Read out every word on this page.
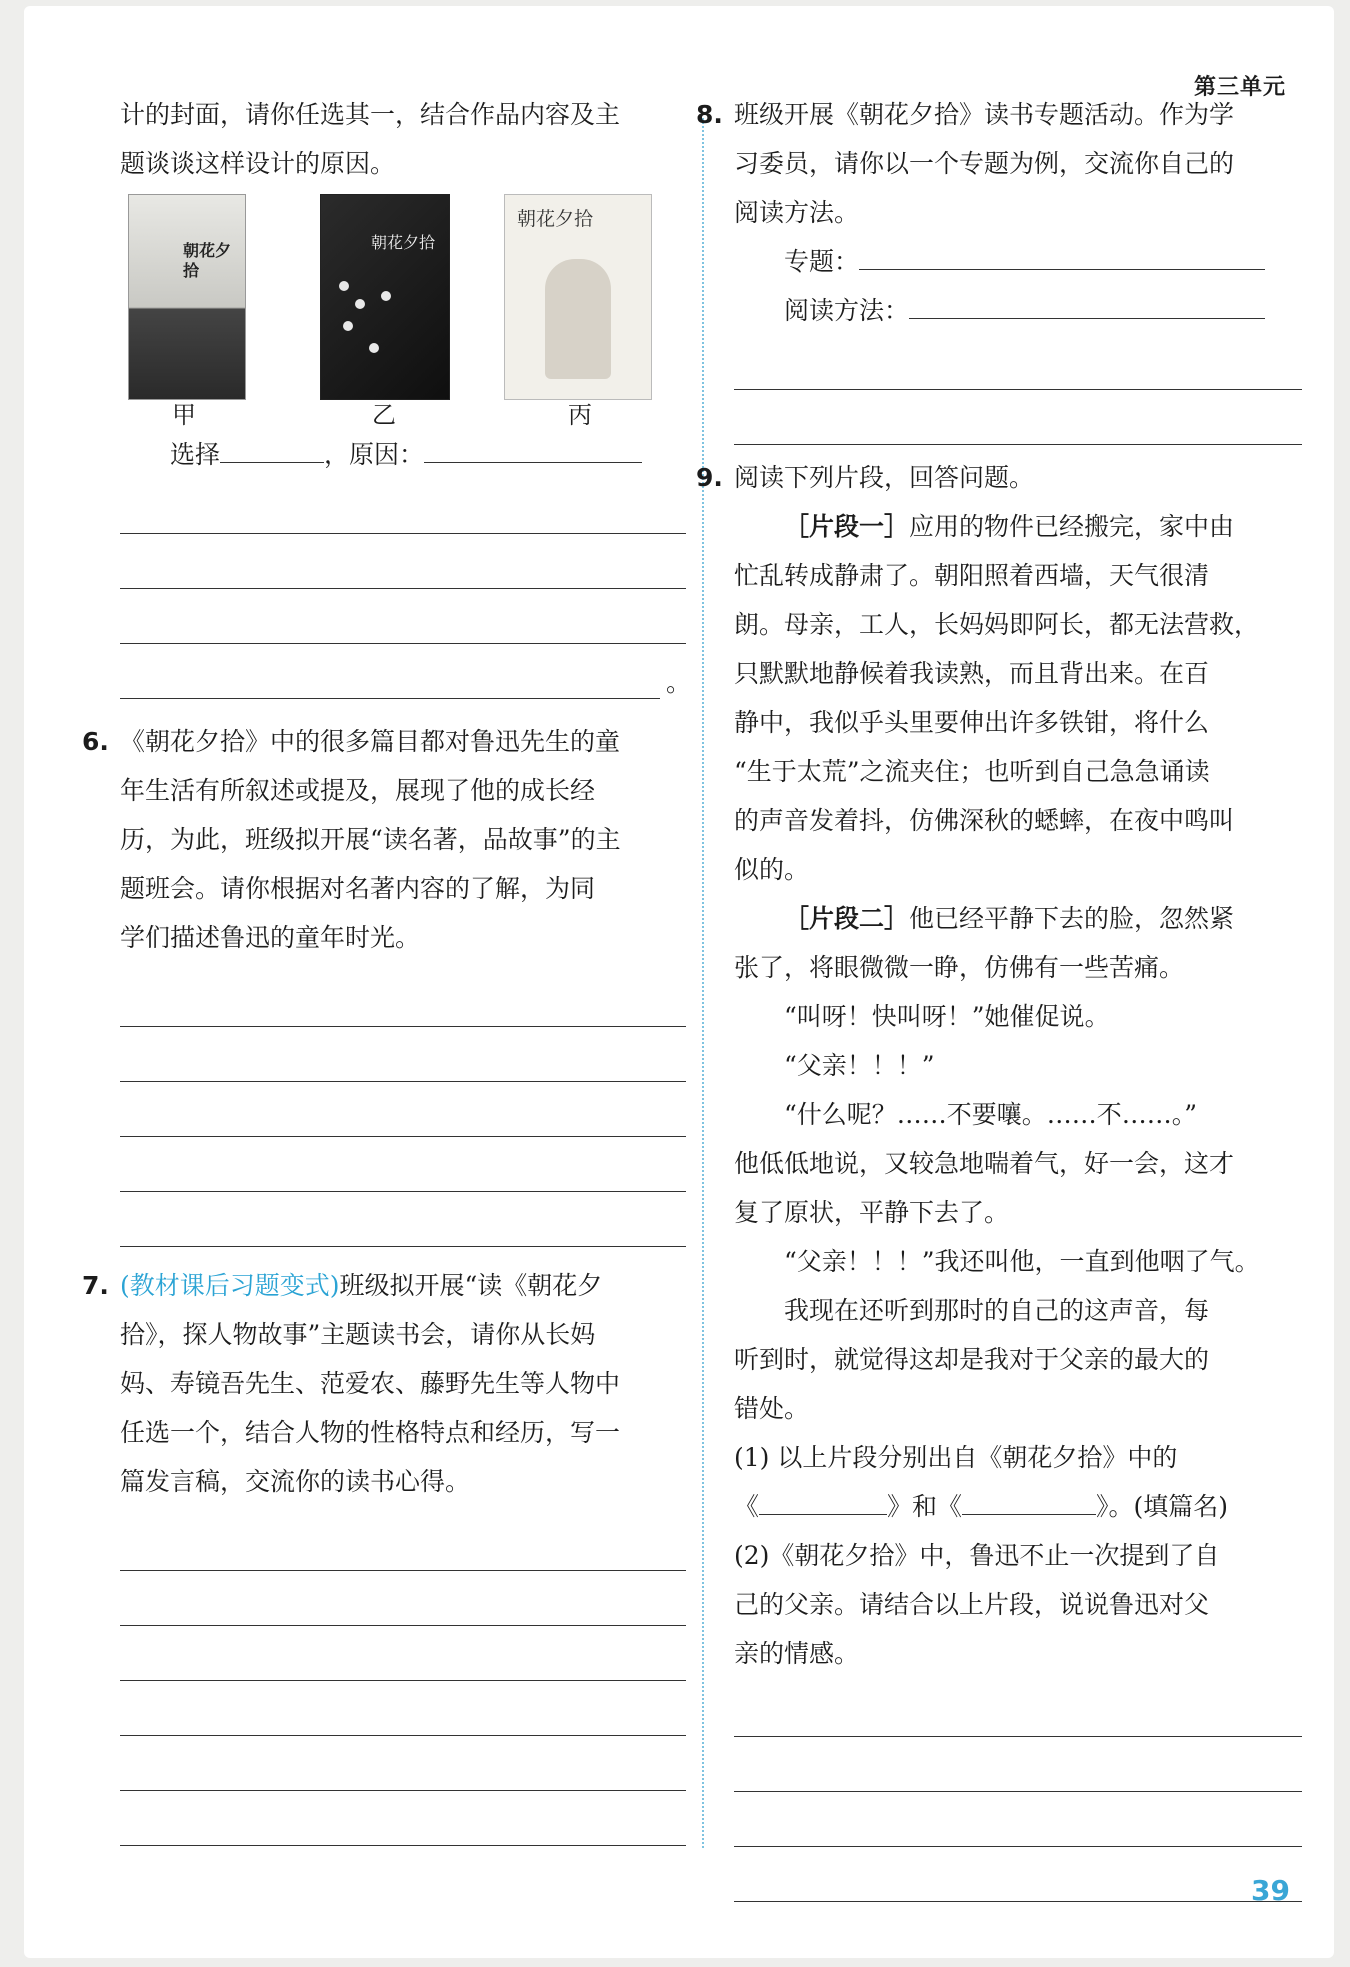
第三单元
39

计的封面，请你任选其一，结合作品内容及主

题谈谈这样设计的原因。

朝花夕拾
朝花夕拾
朝花夕拾
甲	乙	丙

选择	，原因：

。
6. 《朝花夕拾》中的很多篇目都对鲁迅先生的童

年生活有所叙述或提及，展现了他的成长经

历，为此，班级拟开展“读名著，品故事”的主

题班会。请你根据对名著内容的了解，为同

学们描述鲁迅的童年时光。

7. (教材课后习题变式)班级拟开展“读《朝花夕

拾》，探人物故事”主题读书会，请你从长妈

妈、寿镜吾先生、范爱农、藤野先生等人物中

任选一个，结合人物的性格特点和经历，写一

篇发言稿，交流你的读书心得。

8. 班级开展《朝花夕拾》读书专题活动。作为学

习委员，请你以一个专题为例，交流你自己的

阅读方法。

专题：

阅读方法：

9. 阅读下列片段，回答问题。

［片段一］应用的物件已经搬完，家中由

忙乱转成静肃了。朝阳照着西墙，天气很清

朗。母亲，工人，长妈妈即阿长，都无法营救，

只默默地静候着我读熟，而且背出来。在百

静中，我似乎头里要伸出许多铁钳，将什么

“生于太荒”之流夹住；也听到自己急急诵读

的声音发着抖，仿佛深秋的蟋蟀，在夜中鸣叫

似的。

［片段二］他已经平静下去的脸，忽然紧

张了，将眼微微一睁，仿佛有一些苦痛。

“叫呀！快叫呀！”她催促说。

“父亲！！！”

“什么呢？……不要嚷。……不……。”

他低低地说，又较急地喘着气，好一会，这才

复了原状，平静下去了。

“父亲！！！”我还叫他，一直到他咽了气。

我现在还听到那时的自己的这声音，每

听到时，就觉得这却是我对于父亲的最大的

错处。

(1) 以上片段分别出自《朝花夕拾》中的

《	》和《	》。(填篇名)

(2)《朝花夕拾》中，鲁迅不止一次提到了自

己的父亲。请结合以上片段，说说鲁迅对父

亲的情感。
